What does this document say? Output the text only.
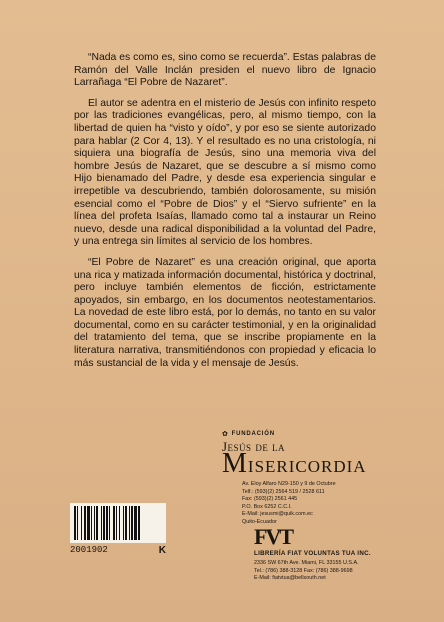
“Nada es como es, sino como se recuerda”. Estas palabras de Ramón del Valle Inclán presiden el nuevo libro de Ignacio Larrañaga “El Pobre de Nazaret”.

El autor se adentra en el misterio de Jesús con infinito respeto por las tradiciones evangélicas, pero, al mismo tiempo, con la libertad de quien ha “visto y oído”, y por eso se siente autorizado para hablar (2 Cor 4, 13). Y el resultado es no una cristología, ni siquiera una biografía de Jesús, sino una memoria viva del hombre Jesús de Nazaret, que se descubre a sí mismo como Hijo bienamado del Padre, y desde esa experiencia singular e irrepetible va descubriendo, también dolorosamente, su misión esencial como el “Pobre de Dios” y el “Siervo sufriente” en la línea del profeta Isaías, llamado como tal a instaurar un Reino nuevo, desde una radical disponibilidad a la voluntad del Padre, y una entrega sin límites al servicio de los hombres.

“El Pobre de Nazaret” es una creación original, que aporta una rica y matizada información documental, histórica y doctrinal, pero incluye también elementos de ficción, estrictamente apoyados, sin embargo, en los documentos neotestamentarios. La novedad de este libro está, por lo demás, no tanto en su valor documental, como en su carácter testimonial, y en la originalidad del tratamiento del tema, que se inscribe propiamente en la literatura narrativa, transmitiéndonos con propiedad y eficacia lo más sustancial de la vida y el mensaje de Jesús.

2001902	K
✿ FUNDACIÓN
Jesús de la
MISERICORDIA
Av. Eloy Alfaro N29-150 y 9 de Octubre
Telf.: (593)(2) 2564 519 / 2528 611
Fax: (593)(2) 2561 445
P.O. Box 6252 C.C.I.
E-Mail: jesusmi@quik.com.ec
Quito-Ecuador
FVT
LIBRERÍA FIAT VOLUNTAS TUA INC.
2336 SW 67th Ave. Miami, FL 33155 U.S.A.
Tel.: (786) 388-3128 Fax: (786) 388-9698
E-Mail: fiatvtua@bellsouth.net
